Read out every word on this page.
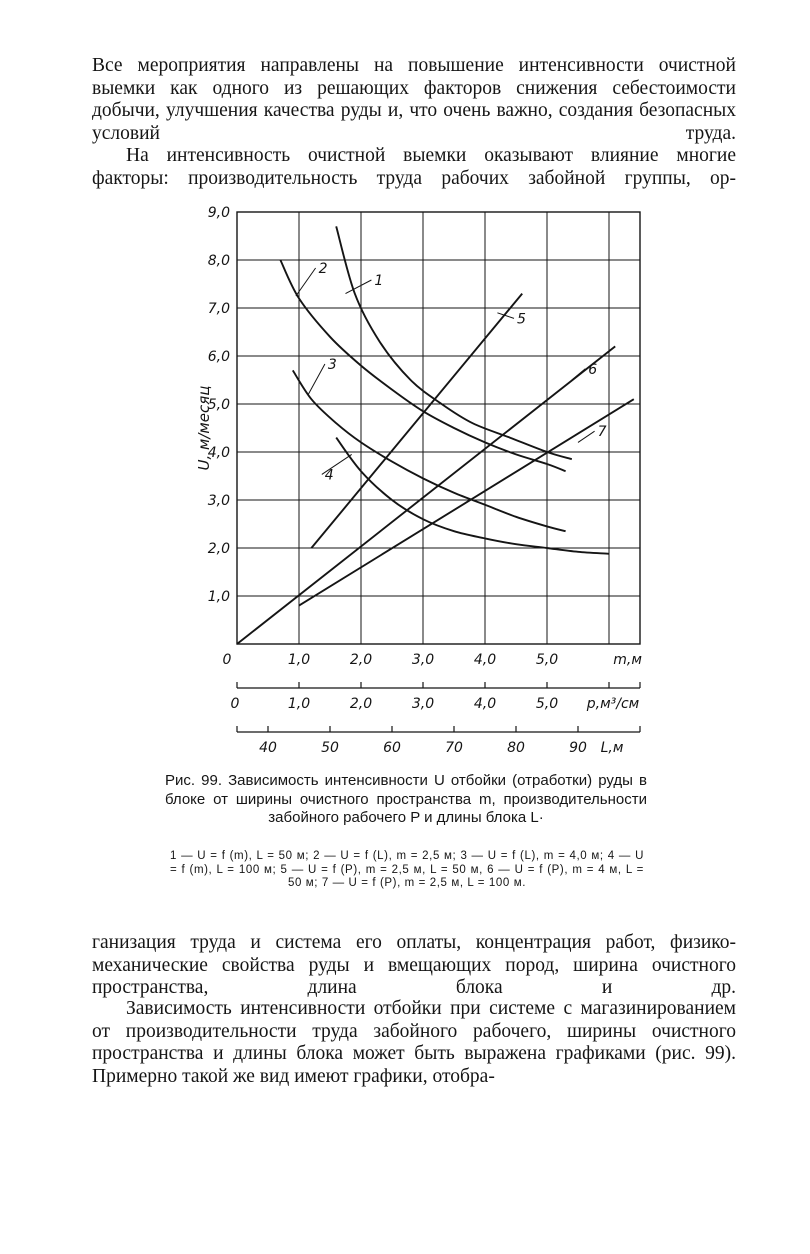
Все мероприятия направлены на повышение интенсивности очистной выемки как одного из решающих факторов снижения себестоимости добычи, улучшения качества руды и, что очень важно, создания безопасных условий труда.

На интенсивность очистной выемки оказывают влияние многие факторы: производительность труда рабочих забойной группы, ор-

1
2
3
4
5
6
7
9,0
8,0
7,0
6,0
5,0
4,0
3,0
2,0
1,0
0	1,0	2,0	3,0	4,0	5,0	m,м
0	1,0	2,0	3,0	4,0	5,0 p,м³/см
40	50	60	70	80	90 L,м
U, м/месяц

Рис. 99. Зависимость интенсивности U отбойки (отработки) руды в блоке от ширины очистного пространства m, производительности забойного рабочего P и длины блока L·

1 — U = f (m), L = 50 м; 2 — U = f (L), m = 2,5 м; 3 — U = f (L), m = 4,0 м; 4 — U = f (m), L = 100 м; 5 — U = f (P), m = 2,5 м, L = 50 м, 6 — U = f (P), m = 4 м, L = 50 м; 7 — U = f (P), m = 2,5 м, L = 100 м.

ганизация труда и система его оплаты, концентрация работ, физико-механические свойства руды и вмещающих пород, ширина очистного пространства, длина блока и др.

Зависимость интенсивности отбойки при системе с магазинированием от производительности труда забойного рабочего, ширины очистного пространства и длины блока может быть выражена графиками (рис. 99). Примерно такой же вид имеют графики, отобра-
